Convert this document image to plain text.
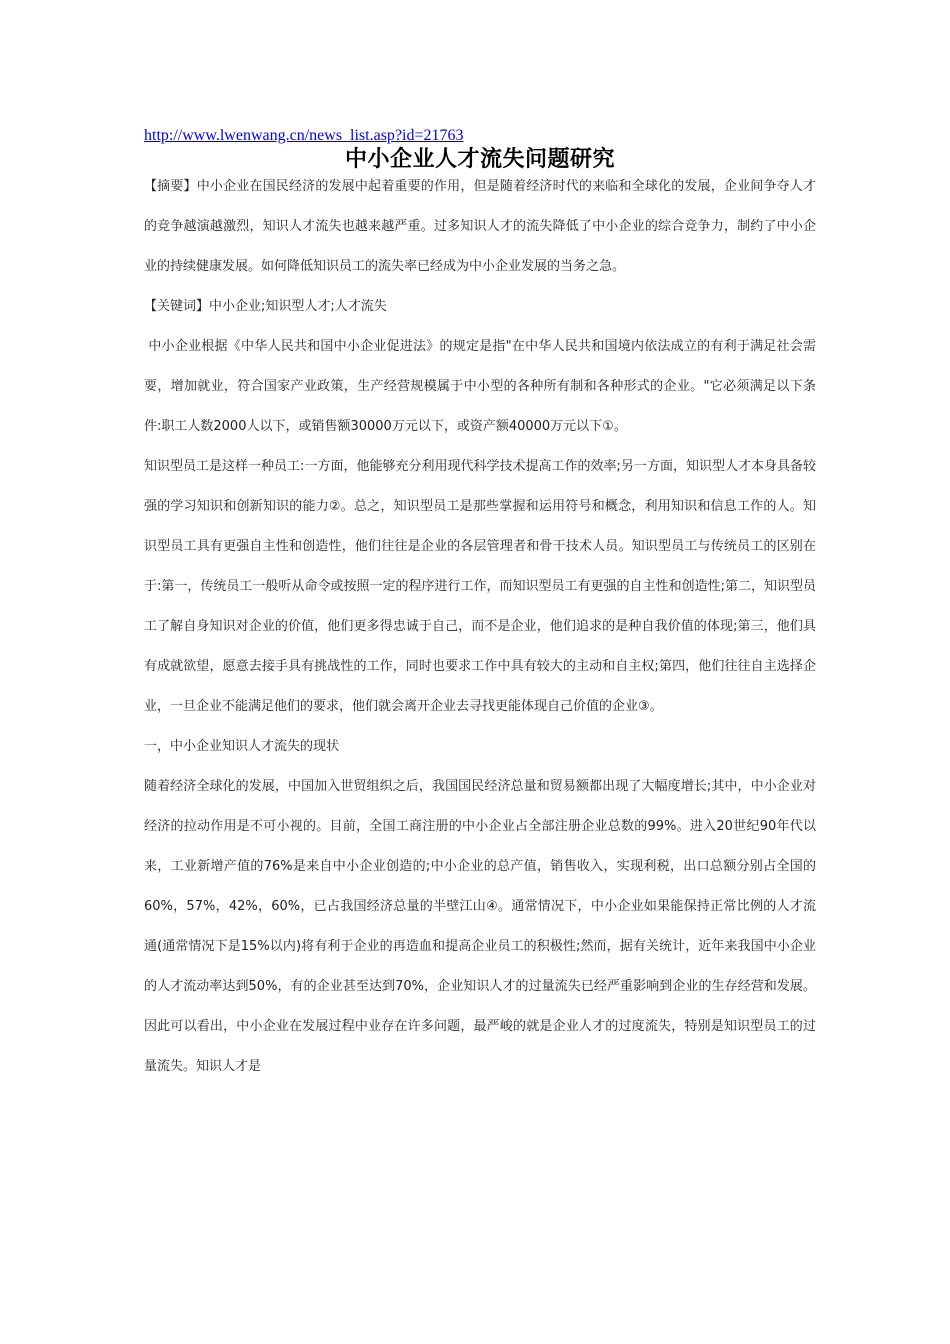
http://www.lwenwang.cn/news_list.asp?id=21763
中小企业人才流失问题研究

【摘要】中小企业在国民经济的发展中起着重要的作用，但是随着经济时代的来临和全球化的发展，企业间争夺人才的竞争越演越激烈，知识人才流失也越来越严重。过多知识人才的流失降低了中小企业的综合竞争力，制约了中小企业的持续健康发展。如何降低知识员工的流失率已经成为中小企业发展的当务之急。

【关键词】中小企业;知识型人才;人才流失

中小企业根据《中华人民共和国中小企业促进法》的规定是指"在中华人民共和国境内依法成立的有利于满足社会需要，增加就业，符合国家产业政策，生产经营规模属于中小型的各种所有制和各种形式的企业。"它必须满足以下条件:职工人数2000人以下，或销售额30000万元以下，或资产额40000万元以下①。

知识型员工是这样一种员工:一方面，他能够充分利用现代科学技术提高工作的效率;另一方面，知识型人才本身具备较强的学习知识和创新知识的能力②。总之，知识型员工是那些掌握和运用符号和概念，利用知识和信息工作的人。知识型员工具有更强自主性和创造性，他们往往是企业的各层管理者和骨干技术人员。知识型员工与传统员工的区别在于:第一，传统员工一般听从命令或按照一定的程序进行工作，而知识型员工有更强的自主性和创造性;第二，知识型员工了解自身知识对企业的价值，他们更多得忠诚于自己，而不是企业，他们追求的是种自我价值的体现;第三，他们具有成就欲望，愿意去接手具有挑战性的工作，同时也要求工作中具有较大的主动和自主权;第四，他们往往自主选择企业，一旦企业不能满足他们的要求，他们就会离开企业去寻找更能体现自己价值的企业③。

一，中小企业知识人才流失的现状

随着经济全球化的发展，中国加入世贸组织之后，我国国民经济总量和贸易额都出现了大幅度增长;其中，中小企业对经济的拉动作用是不可小视的。目前，全国工商注册的中小企业占全部注册企业总数的99%。进入20世纪90年代以来，工业新增产值的76%是来自中小企业创造的;中小企业的总产值，销售收入，实现利税，出口总额分别占全国的60%，57%，42%，60%，已占我国经济总量的半壁江山④。通常情况下，中小企业如果能保持正常比例的人才流通(通常情况下是15%以内)将有利于企业的再造血和提高企业员工的积极性;然而，据有关统计，近年来我国中小企业的人才流动率达到50%，有的企业甚至达到70%，企业知识人才的过量流失已经严重影响到企业的生存经营和发展。因此可以看出，中小企业在发展过程中业存在许多问题，最严峻的就是企业人才的过度流失，特别是知识型员工的过量流失。知识人才是
